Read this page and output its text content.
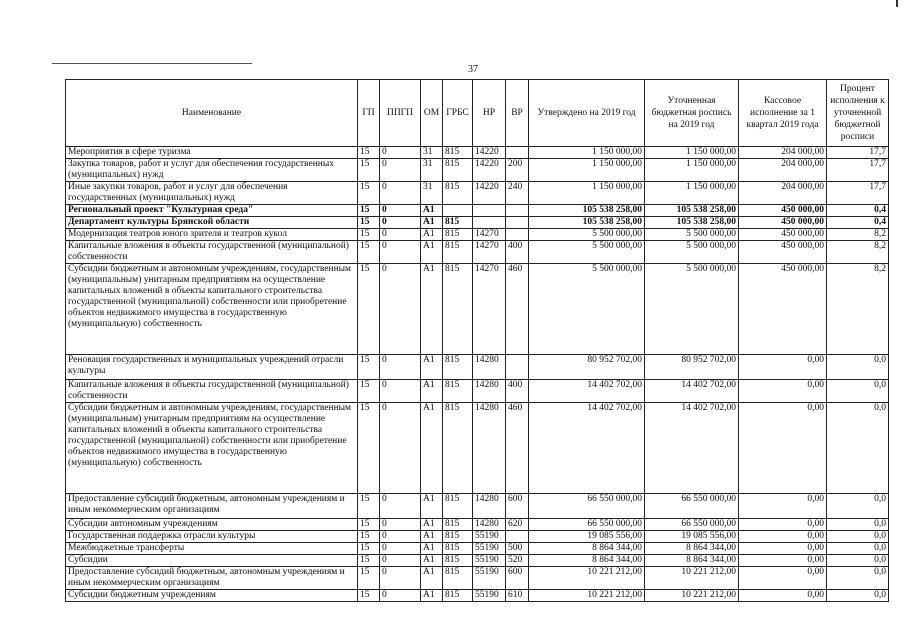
37
Наименование	ГП	ППГП	ОМ	ГРБС	НР	ВР	Утверждено на 2019 год	Уточненная бюджетная роспись на 2019 год	Кассовое исполнение за 1 квартал 2019 года	Процент исполнения к уточненной бюджетной росписи
Мероприятия в сфере туризма	15	0	31	815	14220		1 150 000,00	1 150 000,00	204 000,00	17,7
Закупка товаров, работ и услуг для обеспечения государственных (муниципальных) нужд	15	0	31	815	14220	200	1 150 000,00	1 150 000,00	204 000,00	17,7
Иные закупки товаров, работ и услуг для обеспечения государственных (муниципальных) нужд	15	0	31	815	14220	240	1 150 000,00	1 150 000,00	204 000,00	17,7
Региональный проект "Культурная среда"	15	0	A1				105 538 258,00	105 538 258,00	450 000,00	0,4
Департамент культуры Брянской области	15	0	A1	815			105 538 258,00	105 538 258,00	450 000,00	0,4
Модернизация театров юного зрителя и театров кукол	15	0	A1	815	14270		5 500 000,00	5 500 000,00	450 000,00	8,2
Капитальные вложения в объекты государственной (муниципальной) собственности	15	0	A1	815	14270	400	5 500 000,00	5 500 000,00	450 000,00	8,2
Субсидии бюджетным и автономным учреждениям, государственным (муниципальным) унитарным предприятиям на осуществление капитальных вложений в объекты капитального строительства государственной (муниципальной) собственности или приобретение объектов недвижимого имущества в государственную (муниципальную) собственность	15	0	A1	815	14270	460	5 500 000,00	5 500 000,00	450 000,00	8,2
Реновация государственных и муниципальных учреждений отрасли культуры	15	0	A1	815	14280		80 952 702,00	80 952 702,00	0,00	0,0
Капитальные вложения в объекты государственной (муниципальной) собственности	15	0	A1	815	14280	400	14 402 702,00	14 402 702,00	0,00	0,0
Субсидии бюджетным и автономным учреждениям, государственным (муниципальным) унитарным предприятиям на осуществление капитальных вложений в объекты капитального строительства государственной (муниципальной) собственности или приобретение объектов недвижимого имущества в государственную (муниципальную) собственность	15	0	A1	815	14280	460	14 402 702,00	14 402 702,00	0,00	0,0
Предоставление субсидий бюджетным, автономным учреждениям и иным некоммерческим организациям	15	0	A1	815	14280	600	66 550 000,00	66 550 000,00	0,00	0,0
Субсидии автономным учреждениям	15	0	A1	815	14280	620	66 550 000,00	66 550 000,00	0,00	0,0
Государственная поддержка отрасли культуры	15	0	A1	815	55190		19 085 556,00	19 085 556,00	0,00	0,0
Межбюджетные трансферты	15	0	A1	815	55190	500	8 864 344,00	8 864 344,00	0,00	0,0
Субсидии	15	0	A1	815	55190	520	8 864 344,00	8 864 344,00	0,00	0,0
Предоставление субсидий бюджетным, автономным учреждениям и иным некоммерческим организациям	15	0	A1	815	55190	600	10 221 212,00	10 221 212,00	0,00	0,0
Субсидии бюджетным учреждениям	15	0	A1	815	55190	610	10 221 212,00	10 221 212,00	0,00	0,0
